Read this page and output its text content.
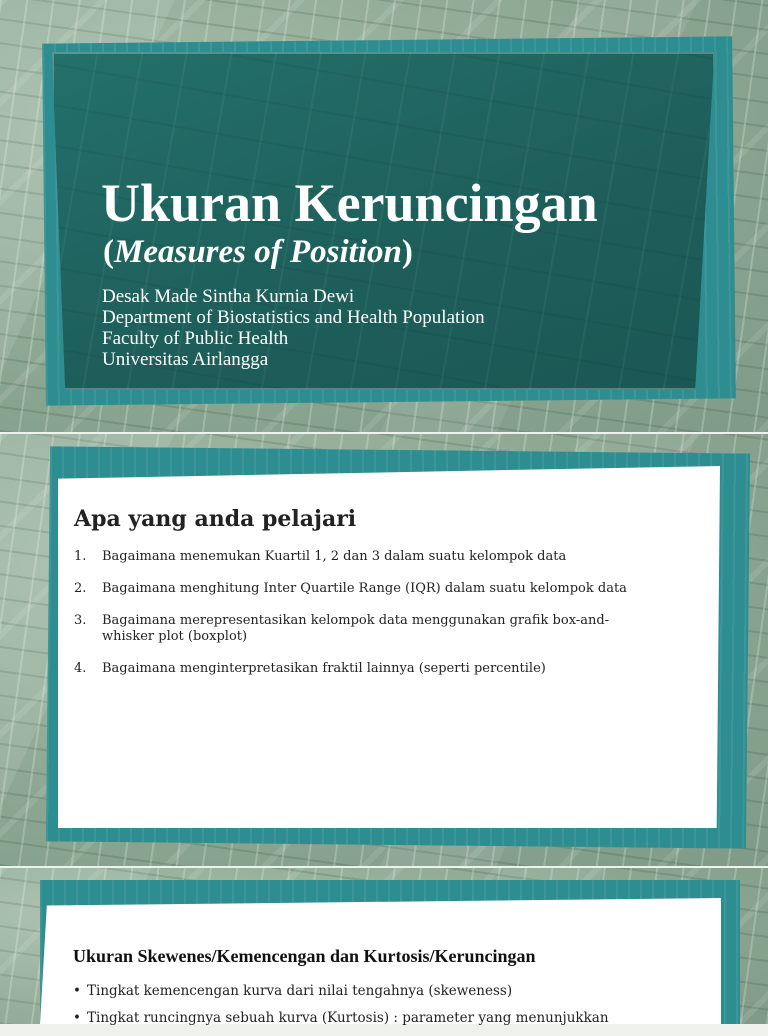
Ukuran Keruncingan

(Measures of Position)

Desak Made Sintha Kurnia Dewi
Department of Biostatistics and Health Population
Faculty of Public Health
Universitas Airlangga
Apa yang anda pelajari
1. Bagaimana menemukan Kuartil 1, 2 dan 3 dalam suatu kelompok data
2. Bagaimana menghitung Inter Quartile Range (IQR) dalam suatu kelompok data
3. Bagaimana merepresentasikan kelompok data menggunakan grafik box-and-whisker plot (boxplot)
4. Bagaimana menginterpretasikan fraktil lainnya (seperti percentile)
Ukuran Skewenes/Kemencengan dan Kurtosis/Keruncingan
• Tingkat kemencengan kurva dari nilai tengahnya (skeweness)
• Tingkat runcingnya sebuah kurva (Kurtosis) : parameter yang menunjukkan
